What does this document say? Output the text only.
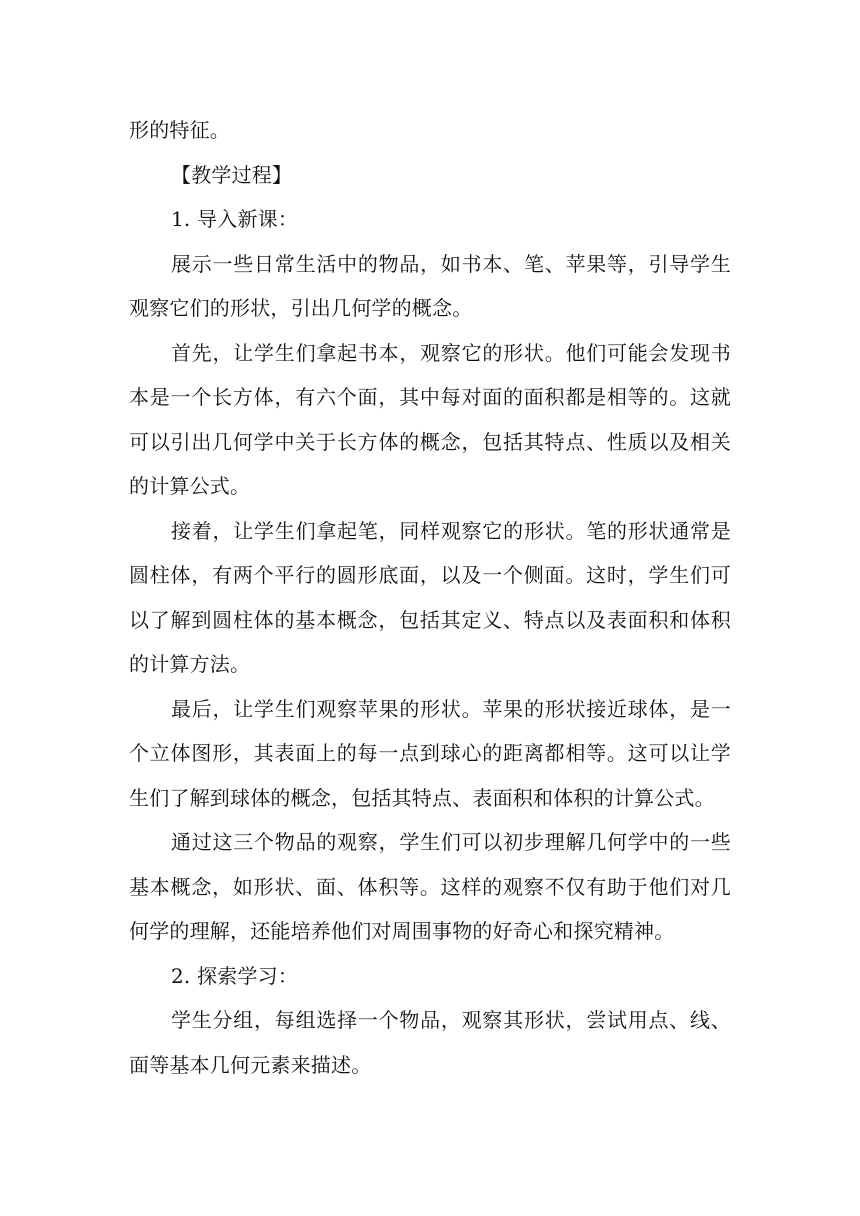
形的特征。

【教学过程】

1. 导入新课：

展示一些日常生活中的物品，如书本、笔、苹果等，引导学生观察它们的形状，引出几何学的概念。

首先，让学生们拿起书本，观察它的形状。他们可能会发现书本是一个长方体，有六个面，其中每对面的面积都是相等的。这就可以引出几何学中关于长方体的概念，包括其特点、性质以及相关的计算公式。

接着，让学生们拿起笔，同样观察它的形状。笔的形状通常是圆柱体，有两个平行的圆形底面，以及一个侧面。这时，学生们可以了解到圆柱体的基本概念，包括其定义、特点以及表面积和体积的计算方法。

最后，让学生们观察苹果的形状。苹果的形状接近球体，是一个立体图形，其表面上的每一点到球心的距离都相等。这可以让学生们了解到球体的概念，包括其特点、表面积和体积的计算公式。

通过这三个物品的观察，学生们可以初步理解几何学中的一些基本概念，如形状、面、体积等。这样的观察不仅有助于他们对几何学的理解，还能培养他们对周围事物的好奇心和探究精神。

2. 探索学习：

学生分组，每组选择一个物品，观察其形状，尝试用点、线、面等基本几何元素来描述。
